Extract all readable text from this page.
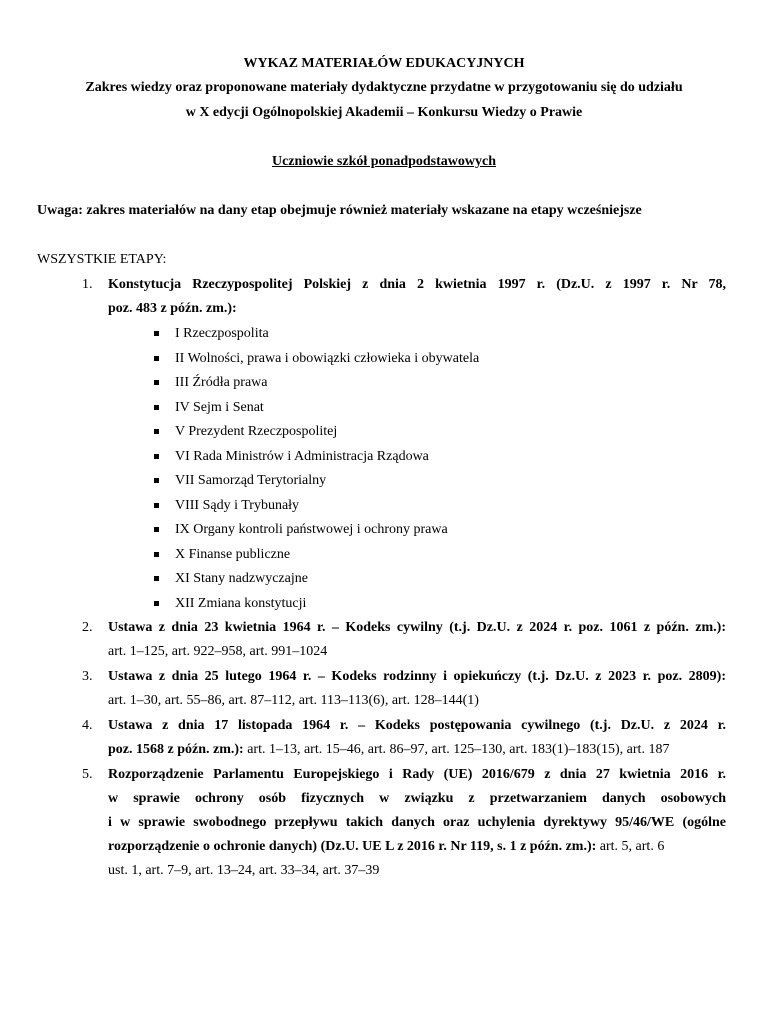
WYKAZ MATERIAŁÓW EDUKACYJNYCH
Zakres wiedzy oraz proponowane materiały dydaktyczne przydatne w przygotowaniu się do udziału
w X edycji Ogólnopolskiej Akademii – Konkursu Wiedzy o Prawie
Uczniowie szkół ponadpodstawowych
Uwaga: zakres materiałów na dany etap obejmuje również materiały wskazane na etapy wcześniejsze
WSZYSTKIE ETAPY:
1.	Konstytucja Rzeczypospolitej Polskiej z dnia 2 kwietnia 1997 r. (Dz.U. z 1997 r. Nr 78,
poz. 483 z późn. zm.):
I Rzeczpospolita
II Wolności, prawa i obowiązki człowieka i obywatela
III Źródła prawa
IV Sejm i Senat
V Prezydent Rzeczpospolitej
VI Rada Ministrów i Administracja Rządowa
VII Samorząd Terytorialny
VIII Sądy i Trybunały
IX Organy kontroli państwowej i ochrony prawa
X Finanse publiczne
XI Stany nadzwyczajne
XII Zmiana konstytucji
2.	Ustawa z dnia 23 kwietnia 1964 r. – Kodeks cywilny (t.j. Dz.U. z 2024 r. poz. 1061 z późn. zm.):
art. 1–125, art. 922–958, art. 991–1024
3.	Ustawa z dnia 25 lutego 1964 r. – Kodeks rodzinny i opiekuńczy (t.j. Dz.U. z 2023 r. poz. 2809):
art. 1–30, art. 55–86, art. 87–112, art. 113–113(6), art. 128–144(1)
4.	Ustawa z dnia 17 listopada 1964 r. – Kodeks postępowania cywilnego (t.j. Dz.U. z 2024 r.
poz. 1568 z późn. zm.): art. 1–13, art. 15–46, art. 86–97, art. 125–130, art. 183(1)–183(15), art. 187
5.	Rozporządzenie Parlamentu Europejskiego i Rady (UE) 2016/679 z dnia 27 kwietnia 2016 r.
w sprawie ochrony osób fizycznych w związku z przetwarzaniem danych osobowych
i w sprawie swobodnego przepływu takich danych oraz uchylenia dyrektywy 95/46/WE (ogólne
rozporządzenie o ochronie danych) (Dz.U. UE L z 2016 r. Nr 119, s. 1 z późn. zm.): art. 5, art. 6
ust. 1, art. 7–9, art. 13–24, art. 33–34, art. 37–39
